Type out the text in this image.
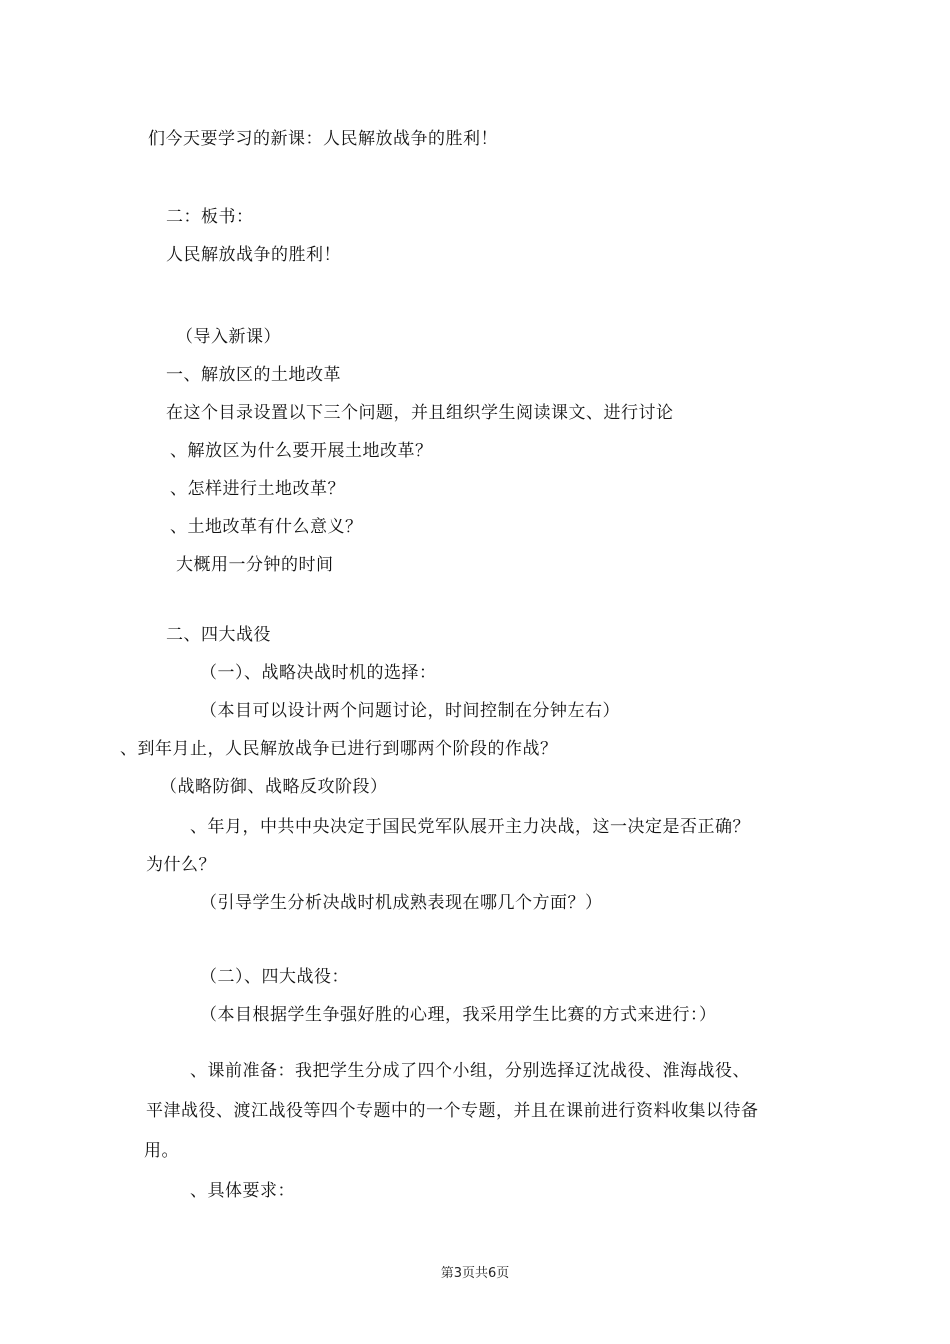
们今天要学习的新课：人民解放战争的胜利！
二：板书：
人民解放战争的胜利！
（导入新课）
一、解放区的土地改革
在这个目录设置以下三个问题，并且组织学生阅读课文、进行讨论
、解放区为什么要开展土地改革？
、怎样进行土地改革？
、土地改革有什么意义？
大概用一分钟的时间
二、四大战役
（一）、战略决战时机的选择：
（本目可以设计两个问题讨论，时间控制在分钟左右）
、到年月止，人民解放战争已进行到哪两个阶段的作战？
（战略防御、战略反攻阶段）
、年月，中共中央决定于国民党军队展开主力决战，这一决定是否正确？
为什么？
（引导学生分析决战时机成熟表现在哪几个方面？）
（二）、四大战役：
（本目根据学生争强好胜的心理，我采用学生比赛的方式来进行：）
、课前准备：我把学生分成了四个小组，分别选择辽沈战役、淮海战役、
平津战役、渡江战役等四个专题中的一个专题，并且在课前进行资料收集以待备
用。
、具体要求：
第3页共6页
